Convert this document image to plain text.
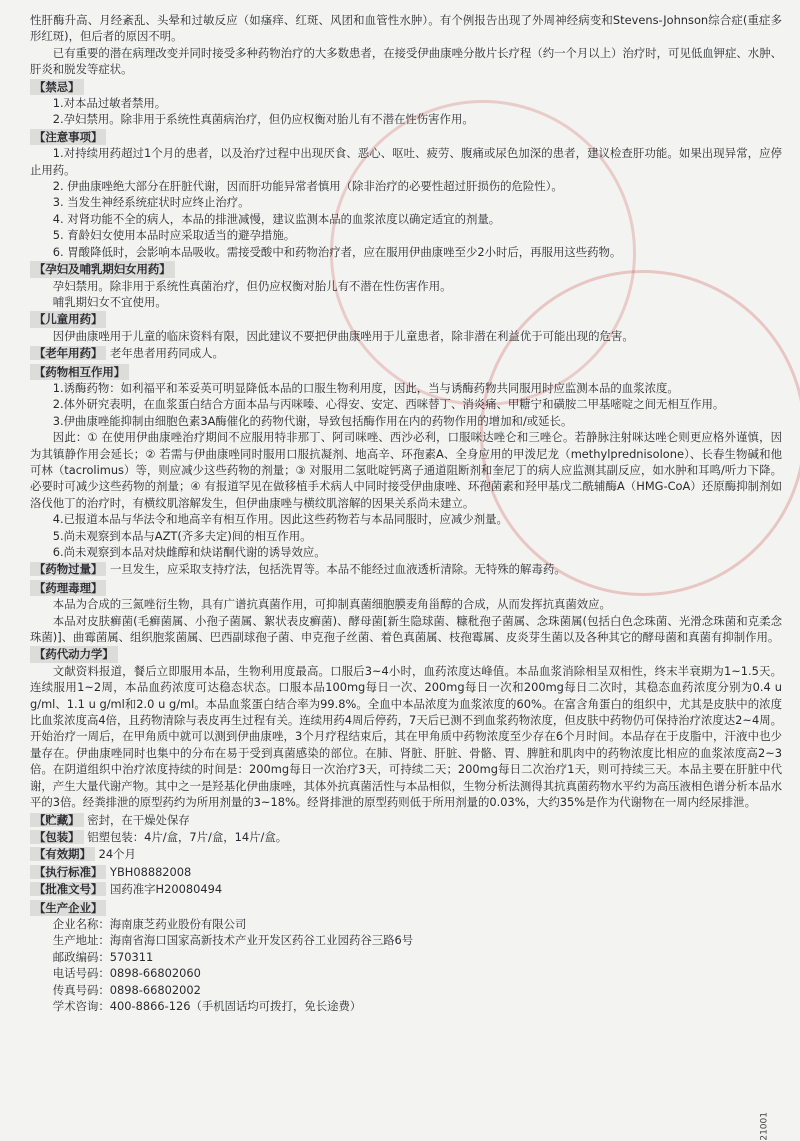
性肝酶升高、月经紊乱、头晕和过敏反应（如瘙痒、红斑、风团和血管性水肿）。有个例报告出现了外周神经病变和Stevens-Johnson综合症(重症多形红斑)，但后者的原因不明。

已有重要的潜在病理改变并同时接受多种药物治疗的大多数患者，在接受伊曲康唑分散片长疗程（约一个月以上）治疗时，可见低血钾症、水肿、肝炎和脱发等症状。

【禁忌】

1.对本品过敏者禁用。

2.孕妇禁用。除非用于系统性真菌病治疗，但仍应权衡对胎儿有不潜在性伤害作用。

【注意事项】

1.对持续用药超过1个月的患者，以及治疗过程中出现厌食、恶心、呕吐、疲劳、腹痛或尿色加深的患者，建议检查肝功能。如果出现异常，应停止用药。

2. 伊曲康唑绝大部分在肝脏代谢，因而肝功能异常者慎用（除非治疗的必要性超过肝损伤的危险性）。

3. 当发生神经系统症状时应终止治疗。

4. 对肾功能不全的病人，本品的排泄减慢，建议监测本品的血浆浓度以确定适宜的剂量。

5. 育龄妇女使用本品时应采取适当的避孕措施。

6. 胃酸降低时，会影响本品吸收。需接受酸中和药物治疗者，应在服用伊曲康唑至少2小时后，再服用这些药物。

【孕妇及哺乳期妇女用药】

孕妇禁用。除非用于系统性真菌治疗，但仍应权衡对胎儿有不潜在性伤害作用。

哺乳期妇女不宜使用。

【儿童用药】

因伊曲康唑用于儿童的临床资料有限，因此建议不要把伊曲康唑用于儿童患者，除非潜在利益优于可能出现的危害。

【老年用药】 老年患者用药同成人。
【药物相互作用】

1.诱酶药物：如利福平和苯妥英可明显降低本品的口服生物利用度，因此，当与诱酶药物共同服用时应监测本品的血浆浓度。

2.体外研究表明，在血浆蛋白结合方面本品与丙咪嗪、心得安、安定、西咪替丁、消炎痛、甲糖宁和磺胺二甲基嘧啶之间无相互作用。

3.伊曲康唑能抑制由细胞色素3A酶催化的药物代谢，导致包括酶作用在内的药物作用的增加和/或延长。

因此：① 在使用伊曲康唑治疗期间不应服用特非那丁、阿司咪唑、西沙必利，口服咪达唑仑和三唑仑。若静脉注射咪达唑仑则更应格外谨慎，因为其镇静作用会延长；② 若需与伊曲康唑同时服用口服抗凝剂、地高辛、环孢素A、全身应用的甲泼尼龙（methylprednisolone）、长春生物碱和他可林（tacrolimus）等，则应减少这些药物的剂量；③ 对服用二氢吡啶钙离子通道阻断剂和奎尼丁的病人应监测其副反应，如水肿和耳鸣/听力下降。必要时可减少这些药物的剂量；④ 有报道罕见在做移植手术病人中同时接受伊曲康唑、环孢菌素和羟甲基戊二酰辅酶A（HMG-CoA）还原酶抑制剂如洛伐他丁的治疗时，有横纹肌溶解发生，但伊曲康唑与横纹肌溶解的因果关系尚未建立。

4.已报道本品与华法令和地高辛有相互作用。因此这些药物若与本品同服时，应减少剂量。

5.尚未观察到本品与AZT(齐多夫定)间的相互作用。

6.尚未观察到本品对炔雌醇和炔诺酮代谢的诱导效应。

【药物过量】 一旦发生，应采取支持疗法，包括洗胃等。本品不能经过血液透析清除。无特殊的解毒药。
【药理毒理】

本品为合成的三氮唑衍生物，具有广谱抗真菌作用，可抑制真菌细胞膜麦角甾醇的合成，从而发挥抗真菌效应。

本品对皮肤癣菌(毛癣菌属、小孢子菌属、絮状表皮癣菌)、酵母菌[新生隐球菌、糠秕孢子菌属、念珠菌属(包括白色念珠菌、光滑念珠菌和克柔念珠菌)]、曲霉菌属、组织胞浆菌属、巴西副球孢子菌、申克孢子丝菌、着色真菌属、枝孢霉属、皮炎芽生菌以及各种其它的酵母菌和真菌有抑制作用。

【药代动力学】

文献资料报道，餐后立即服用本品，生物利用度最高。口服后3~4小时，血药浓度达峰值。本品血浆消除相呈双相性，终末半衰期为1~1.5天。连续服用1~2周，本品血药浓度可达稳态状态。口服本品100mg每日一次、200mg每日一次和200mg每日二次时，其稳态血药浓度分别为0.4 u g/ml、1.1 u g/ml和2.0 u g/ml。本品血浆蛋白结合率为99.8%。全血中本品浓度为血浆浓度的60%。在富含角蛋白的组织中，尤其是皮肤中的浓度比血浆浓度高4倍，且药物清除与表皮再生过程有关。连续用药4周后停药，7天后已测不到血浆药物浓度，但皮肤中药物仍可保持治疗浓度达2~4周。开始治疗一周后，在甲角质中就可以测到伊曲康唑，3个月疗程结束后，其在甲角质中药物浓度至少存在6个月时间。本品存在于皮脂中，汗液中也少量存在。伊曲康唑同时也集中的分布在易于受到真菌感染的部位。在肺、肾脏、肝脏、骨骼、胃、脾脏和肌肉中的药物浓度比相应的血浆浓度高2~3倍。在阴道组织中治疗浓度持续的时间是：200mg每日一次治疗3天，可持续二天；200mg每日二次治疗1天，则可持续三天。本品主要在肝脏中代谢，产生大量代谢产物。其中之一是羟基化伊曲康唑，其体外抗真菌活性与本品相似，生物分析法测得其抗真菌药物水平约为高压液相色谱分析本品水平的3倍。经粪排泄的原型药约为所用剂量的3~18%。经肾排泄的原型药则低于所用剂量的0.03%，大约35%是作为代谢物在一周内经尿排泄。

【贮藏】 密封，在干燥处保存
【包装】 铝塑包装：4片/盒，7片/盒，14片/盒。
【有效期】 24个月
【执行标准】 YBH08882008
【批准文号】 国药准字H20080494
【生产企业】

企业名称：海南康芝药业股份有限公司

生产地址：海南省海口国家高新技术产业开发区药谷工业园药谷三路6号

邮政编码：570311

电话号码：0898-66802060

传真号码：0898-66802002

学术咨询：400-8866-126（手机固话均可拨打，免长途费）

21001
